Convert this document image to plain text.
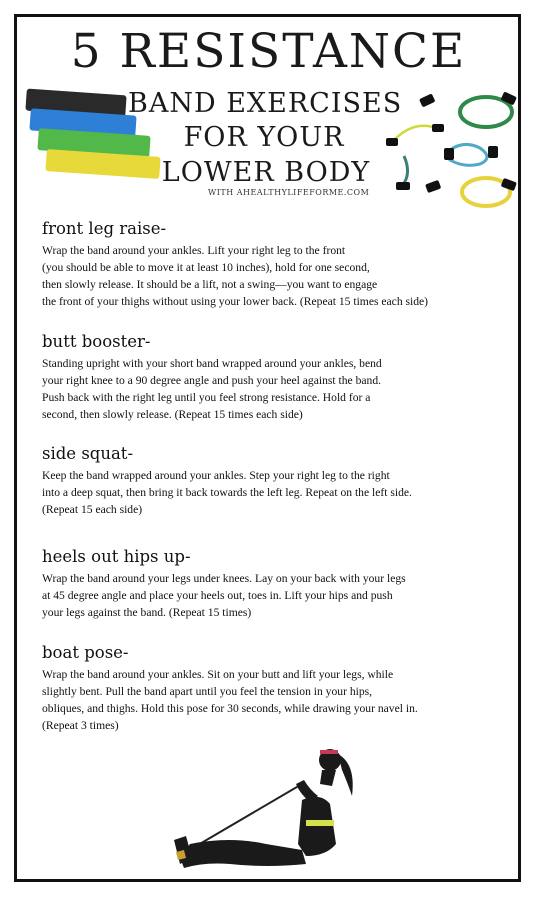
5 RESISTANCE
BAND EXERCISES
FOR YOUR
LOWER BODY
WITH AHEALTHYLIFEFORME.COM
front leg raise-
Wrap the band around your ankles. Lift your right leg to the front
(you should be able to move it at least 10 inches), hold for one second,
then slowly release. It should be a lift, not a swing—you want to engage
the front of your thighs without using your lower back. (Repeat 15 times each side)
butt booster-
Standing upright with your short band wrapped around your ankles, bend
your right knee to a 90 degree angle and push your heel against the band.
Push back with the right leg until you feel strong resistance. Hold for a
second, then slowly release. (Repeat 15 times each side)
side squat-
Keep the band wrapped around your ankles. Step your right leg to the right
into a deep squat, then bring it back towards the left leg. Repeat on the left side.
(Repeat 15 each side)
heels out hips up-
Wrap the band around your legs under knees. Lay on your back with your legs
at 45 degree angle and place your heels out, toes in. Lift your hips and push
your legs against the band. (Repeat 15 times)
boat pose-
Wrap the band around your ankles. Sit on your butt and lift your legs, while
slightly bent. Pull the band apart until you feel the tension in your hips,
obliques, and thighs. Hold this pose for 30 seconds, while drawing your navel in.
(Repeat 3 times)
